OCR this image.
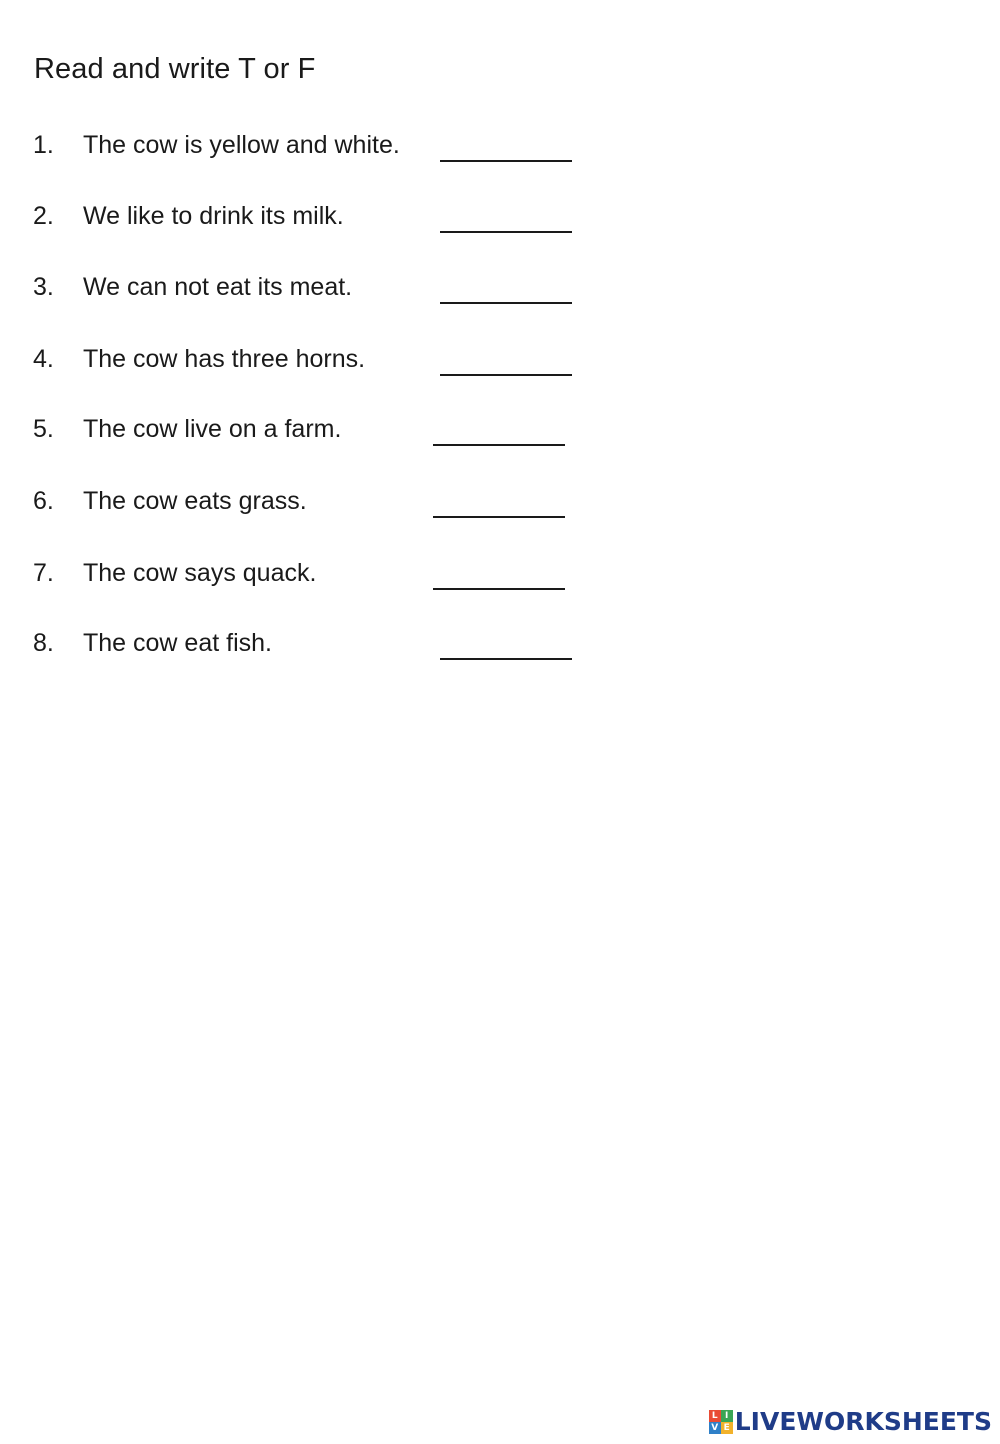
Read and write T or F
1. The cow is yellow and white.
2. We like to drink its milk.
3. We can not eat its meat.
4. The cow has three horns.
5. The cow live on a farm.
6. The cow eats grass.
7. The cow says quack.
8. The cow eat fish.
L I
V E LIVEWORKSHEETS
